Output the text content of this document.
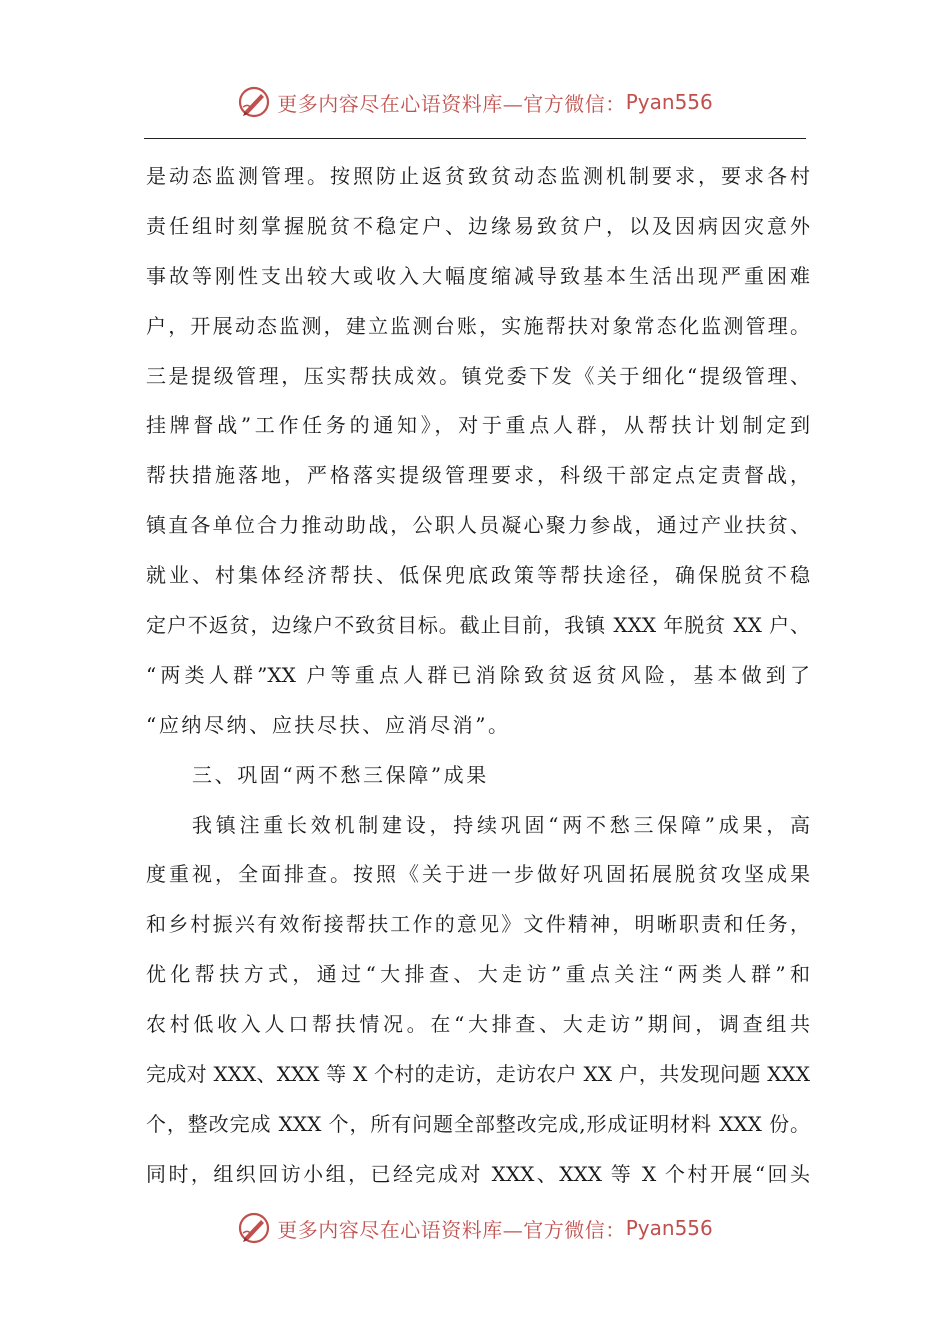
更多内容尽在心语资料库—官方微信： Pyan556
是动态监测管理。按照防止返贫致贫动态监测机制要求，要求各村
责任组时刻掌握脱贫不稳定户、边缘易致贫户，以及因病因灾意外
事故等刚性支出较大或收入大幅度缩减导致基本生活出现严重困难
户，开展动态监测，建立监测台账，实施帮扶对象常态化监测管理。
三是提级管理，压实帮扶成效。镇党委下发《关于细化“提级管理、
挂牌督战”工作任务的通知》，对于重点人群，从帮扶计划制定到
帮扶措施落地，严格落实提级管理要求，科级干部定点定责督战，
镇直各单位合力推动助战，公职人员凝心聚力参战，通过产业扶贫、
就业、村集体经济帮扶、低保兜底政策等帮扶途径，确保脱贫不稳
定户不返贫，边缘户不致贫目标。截止目前，我镇 XXX 年脱贫 XX 户、
“两类人群”XX 户等重点人群已消除致贫返贫风险，基本做到了
“应纳尽纳、应扶尽扶、应消尽消”。
三、巩固“两不愁三保障”成果
我镇注重长效机制建设，持续巩固“两不愁三保障”成果，高
度重视，全面排查。按照《关于进一步做好巩固拓展脱贫攻坚成果
和乡村振兴有效衔接帮扶工作的意见》文件精神，明晰职责和任务，
优化帮扶方式，通过“大排查、大走访”重点关注“两类人群”和
农村低收入人口帮扶情况。在“大排查、大走访”期间，调查组共
完成对 XXX、XXX 等 X 个村的走访，走访农户 XX 户，共发现问题 XXX
个，整改完成 XXX 个，所有问题全部整改完成,形成证明材料 XXX 份。
同时，组织回访小组，已经完成对 XXX、XXX 等 X 个村开展“回头
更多内容尽在心语资料库—官方微信： Pyan556
